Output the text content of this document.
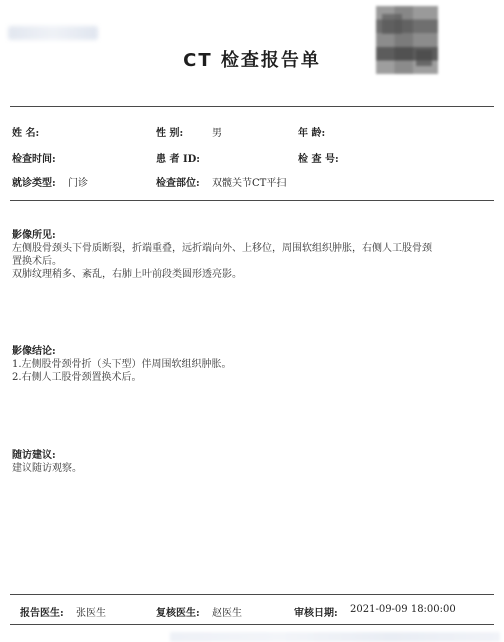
CT 检查报告单
姓 名:	性 别:	男	年 龄:
检查时间:	患 者 ID:	检 查 号:
就诊类型: 门诊	检查部位: 双髋关节CT平扫
影像所见:
左侧股骨颈头下骨质断裂，折端重叠，远折端向外、上移位，周围软组织肿胀，右侧人工股骨颈
置换术后。
双肺纹理稍多、紊乱，右肺上叶前段类圆形透亮影。
影像结论:
1.左侧股骨颈骨折（头下型）伴周围软组织肿胀。
2.右侧人工股骨颈置换术后。
随访建议:
建议随访观察。
报告医生: 张医生	复核医生: 赵医生	审核日期: 2021-09-09 18:00:00
